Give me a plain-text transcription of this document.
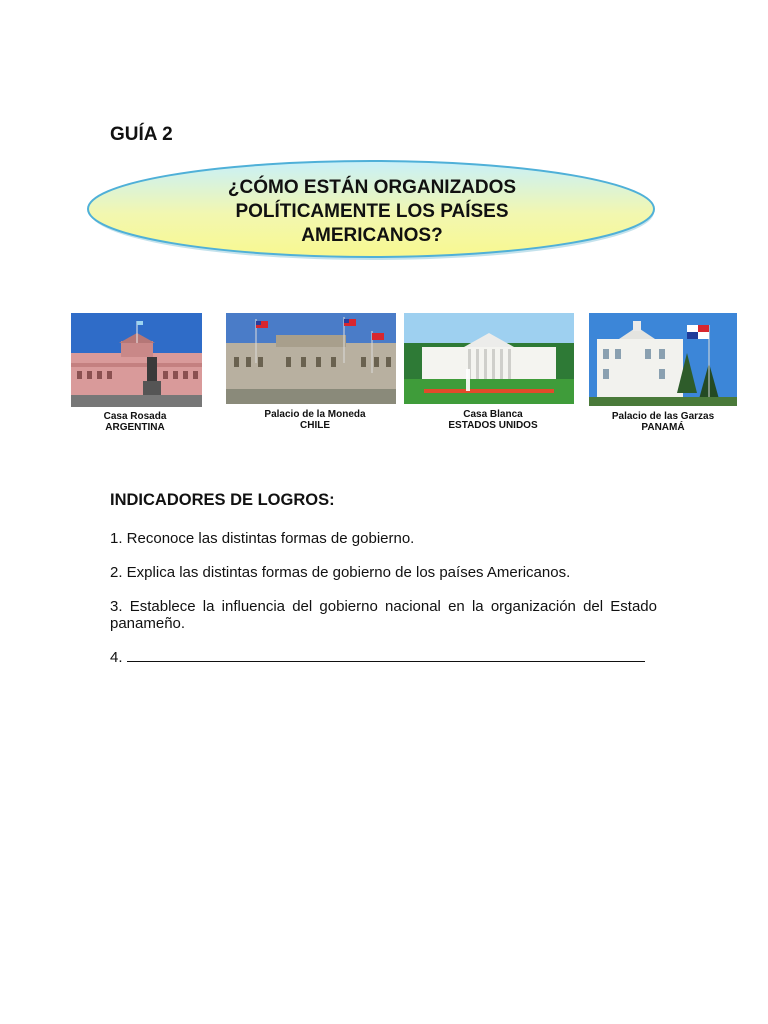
GUÍA 2
¿CÓMO ESTÁN ORGANIZADOS
POLÍTICAMENTE LOS PAÍSES
AMERICANOS?
Casa Rosada
ARGENTINA
Palacio de la Moneda
CHILE
Casa Blanca
ESTADOS UNIDOS
Palacio de las Garzas
PANAMÁ
INDICADORES DE LOGROS:
1. Reconoce las distintas formas de gobierno.
2. Explica las distintas formas de gobierno de los países Americanos.
3. Establece la influencia del gobierno nacional en la organización del Estado panameño.
4.
